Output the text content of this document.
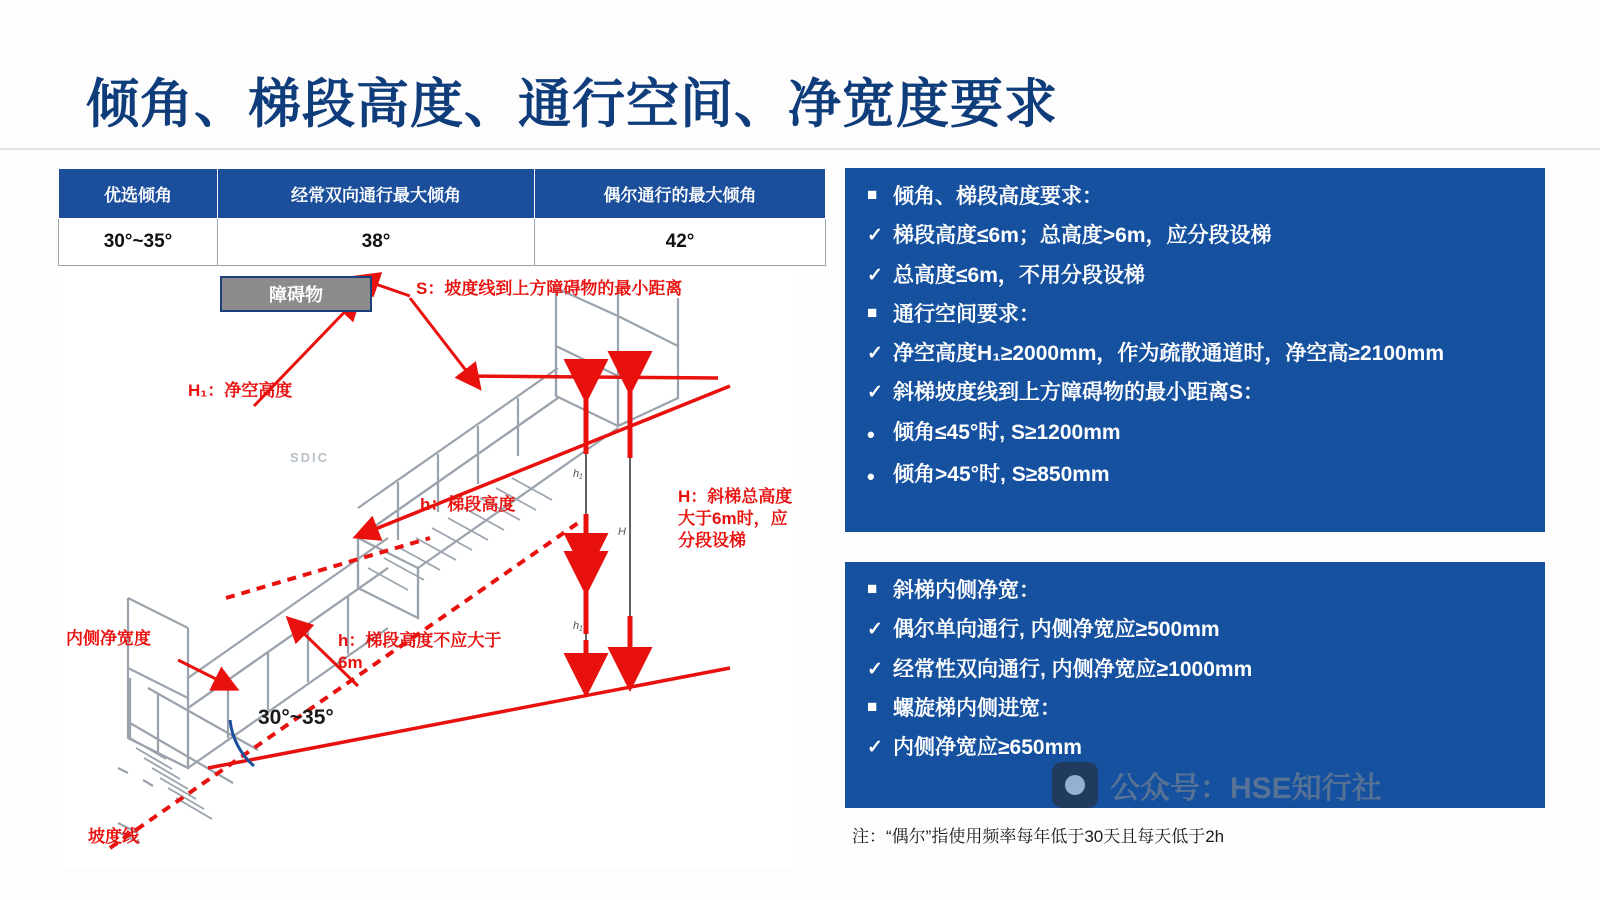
倾角、梯段高度、通行空间、净宽度要求
优选倾角	经常双向通行最大倾角	偶尔通行的最大倾角
30°~35°	38°	42°
障碍物	S：坡度线到上方障碍物的最小距离
H₁：净空高度
h：梯段高度	H：斜梯总高度大于6m时，应分段设梯
h：梯段高度不应大于6m
内侧净宽度
坡度线
30°~35°
h₁
h₁
H
SDIC
■ 倾角、梯段高度要求：
✓ 梯段高度≤6m；总高度>6m，应分段设梯
✓ 总高度≤6m，不用分段设梯
■ 通行空间要求：
✓ 净空高度H₁≥2000mm，作为疏散通道时，净空高≥2100mm
✓ 斜梯坡度线到上方障碍物的最小距离S：
• 倾角≤45°时, S≥1200mm
• 倾角>45°时, S≥850mm
■ 斜梯内侧净宽：
✓ 偶尔单向通行, 内侧净宽应≥500mm
✓ 经常性双向通行, 内侧净宽应≥1000mm
■ 螺旋梯内侧进宽：
✓ 内侧净宽应≥650mm
注：“偶尔”指使用频率每年低于30天且每天低于2h
公众号：HSE知行社
